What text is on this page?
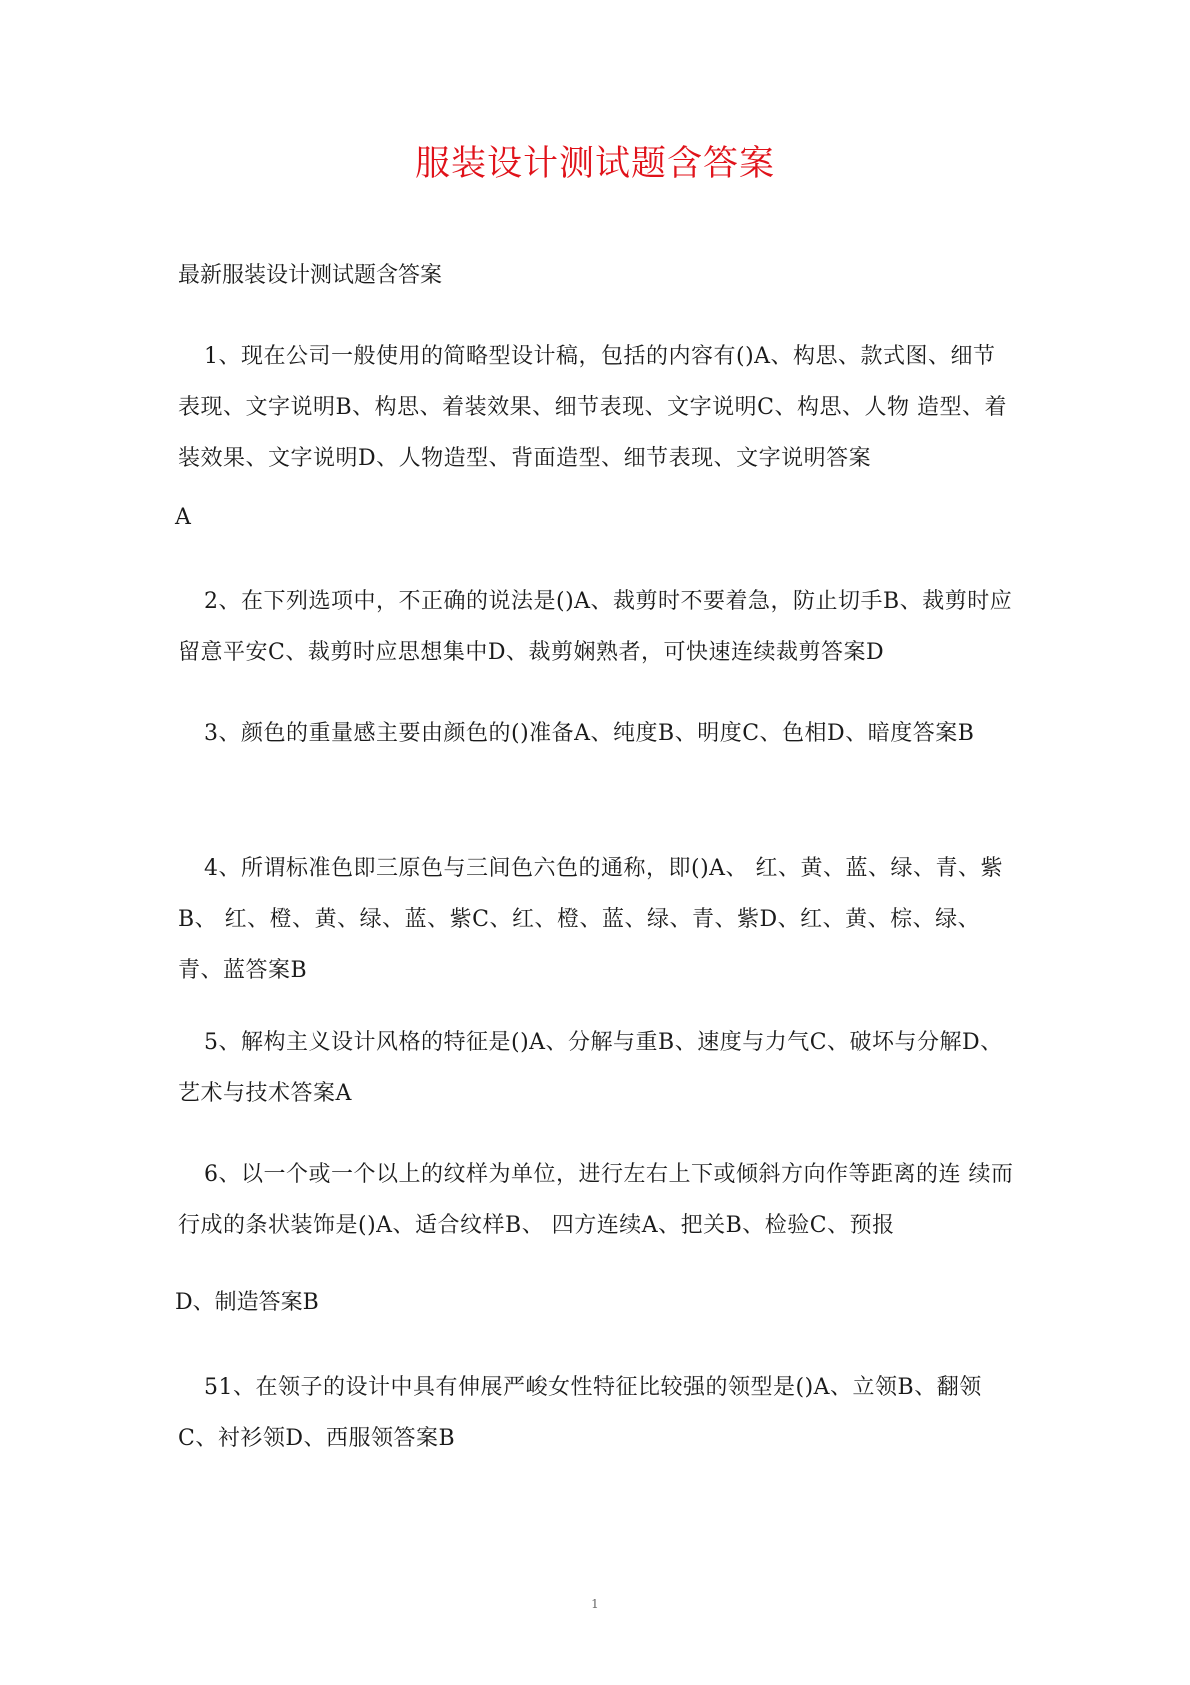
服装设计测试题含答案

最新服装设计测试题含答案

1、现在公司一般使用的简略型设计稿，包括的内容有()A、构思、款式图、细节表现、文字说明B、构思、着装效果、细节表现、文字说明C、构思、人物 造型、着装效果、文字说明D、人物造型、背面造型、细节表现、文字说明答案

A

2、在下列选项中，不正确的说法是()A、裁剪时不要着急，防止切手B、裁剪时应留意平安C、裁剪时应思想集中D、裁剪娴熟者，可快速连续裁剪答案D

3、颜色的重量感主要由颜色的()准备A、纯度B、明度C、色相D、暗度答案B

4、所谓标准色即三原色与三间色六色的通称，即()A、 红、黄、蓝、绿、青、紫B、 红、橙、黄、绿、蓝、紫C、红、橙、蓝、绿、青、紫D、红、黄、棕、绿、青、蓝答案B

5、解构主义设计风格的特征是()A、分解与重B、速度与力气C、破坏与分解D、艺术与技术答案A

6、以一个或一个以上的纹样为单位，进行左右上下或倾斜方向作等距离的连 续而行成的条状装饰是()A、适合纹样B、 四方连续A、把关B、检验C、预报

D、制造答案B

51、在领子的设计中具有伸展严峻女性特征比较强的领型是()A、立领B、翻领C、衬衫领D、西服领答案B

1
